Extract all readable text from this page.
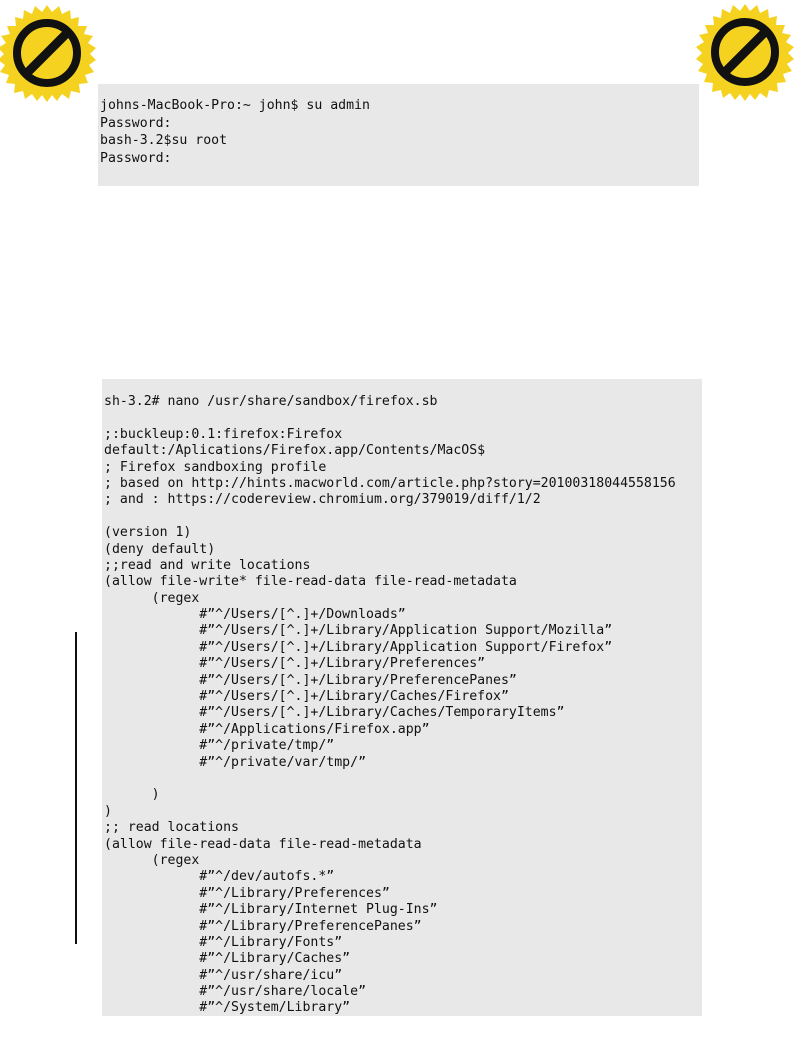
johns-MacBook-Pro:~ john$ su admin
Password:
bash-3.2$su root
Password:
sh-3.2# nano /usr/share/sandbox/firefox.sb
;:buckleup:0.1:firefox:Firefox
default:/Aplications/Firefox.app/Contents/MacOS$
; Firefox sandboxing profile
; based on http://hints.macworld.com/article.php?story=20100318044558156
; and : https://codereview.chromium.org/379019/diff/1/2
(version 1)
(deny default)
;;read and write locations
(allow file-write* file-read-data file-read-metadata
(regex
#”^/Users/[^.]+/Downloads”
#”^/Users/[^.]+/Library/Application Support/Mozilla”
#”^/Users/[^.]+/Library/Application Support/Firefox”
#”^/Users/[^.]+/Library/Preferences”
#”^/Users/[^.]+/Library/PreferencePanes”
#”^/Users/[^.]+/Library/Caches/Firefox”
#”^/Users/[^.]+/Library/Caches/TemporaryItems”
#”^/Applications/Firefox.app”
#”^/private/tmp/”
#”^/private/var/tmp/”
)
)
;; read locations
(allow file-read-data file-read-metadata
(regex
#”^/dev/autofs.*”
#”^/Library/Preferences”
#”^/Library/Internet Plug-Ins”
#”^/Library/PreferencePanes”
#”^/Library/Fonts”
#”^/Library/Caches”
#”^/usr/share/icu”
#”^/usr/share/locale”
#”^/System/Library”
